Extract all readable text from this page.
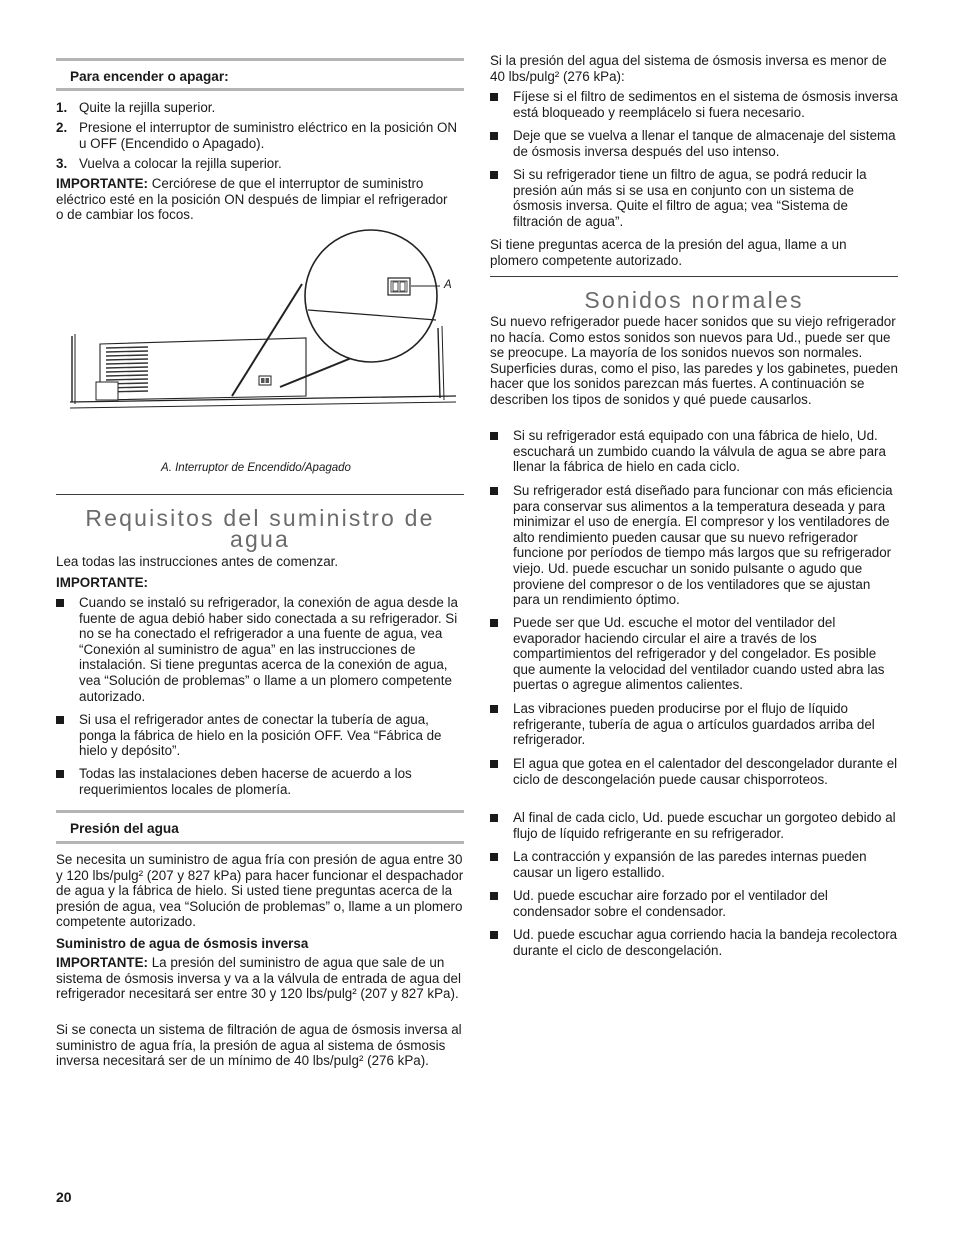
Para encender o apagar:
1. Quite la rejilla superior.

2. Presione el interruptor de suministro eléctrico en la posición ON u OFF (Encendido o Apagado).

3. Vuelva a colocar la rejilla superior.

IMPORTANTE: Cerciórese de que el interruptor de suministro eléctrico esté en la posición ON después de limpiar el refrigerador o de cambiar los focos.

A

A. Interruptor de Encendido/Apagado

Requisitos del suministro de agua

Lea todas las instrucciones antes de comenzar.

IMPORTANTE:

Cuando se instaló su refrigerador, la conexión de agua desde la fuente de agua debió haber sido conectada a su refrigerador. Si no se ha conectado el refrigerador a una fuente de agua, vea “Conexión al suministro de agua” en las instrucciones de instalación. Si tiene preguntas acerca de la conexión de agua, vea “Solución de problemas” o llame a un plomero competente autorizado.

Si usa el refrigerador antes de conectar la tubería de agua, ponga la fábrica de hielo en la posición OFF. Vea “Fábrica de hielo y depósito”.

Todas las instalaciones deben hacerse de acuerdo a los requerimientos locales de plomería.

Presión del agua

Se necesita un suministro de agua fría con presión de agua entre 30 y 120 lbs/pulg² (207 y 827 kPa) para hacer funcionar el despachador de agua y la fábrica de hielo. Si usted tiene preguntas acerca de la presión de agua, vea “Solución de problemas” o, llame a un plomero competente autorizado.

Suministro de agua de ósmosis inversa

IMPORTANTE: La presión del suministro de agua que sale de un sistema de ósmosis inversa y va a la válvula de entrada de agua del refrigerador necesitará ser entre 30 y 120 lbs/pulg² (207 y 827 kPa).

Si se conecta un sistema de filtración de agua de ósmosis inversa al suministro de agua fría, la presión de agua al sistema de ósmosis inversa necesitará ser de un mínimo de 40 lbs/pulg² (276 kPa).

Si la presión del agua del sistema de ósmosis inversa es menor de 40 lbs/pulg² (276 kPa):

Fíjese si el filtro de sedimentos en el sistema de ósmosis inversa está bloqueado y reemplácelo si fuera necesario.

Deje que se vuelva a llenar el tanque de almacenaje del sistema de ósmosis inversa después del uso intenso.

Si su refrigerador tiene un filtro de agua, se podrá reducir la presión aún más si se usa en conjunto con un sistema de ósmosis inversa. Quite el filtro de agua; vea “Sistema de filtración de agua”.

Si tiene preguntas acerca de la presión del agua, llame a un plomero competente autorizado.

Sonidos normales

Su nuevo refrigerador puede hacer sonidos que su viejo refrigerador no hacía. Como estos sonidos son nuevos para Ud., puede ser que se preocupe. La mayoría de los sonidos nuevos son normales. Superficies duras, como el piso, las paredes y los gabinetes, pueden hacer que los sonidos parezcan más fuertes. A continuación se describen los tipos de sonidos y qué puede causarlos.

Si su refrigerador está equipado con una fábrica de hielo, Ud. escuchará un zumbido cuando la válvula de agua se abre para llenar la fábrica de hielo en cada ciclo.

Su refrigerador está diseñado para funcionar con más eficiencia para conservar sus alimentos a la temperatura deseada y para minimizar el uso de energía. El compresor y los ventiladores de alto rendimiento pueden causar que su nuevo refrigerador funcione por períodos de tiempo más largos que su refrigerador viejo. Ud. puede escuchar un sonido pulsante o agudo que proviene del compresor o de los ventiladores que se ajustan para un rendimiento óptimo.

Puede ser que Ud. escuche el motor del ventilador del evaporador haciendo circular el aire a través de los compartimientos del refrigerador y del congelador. Es posible que aumente la velocidad del ventilador cuando usted abra las puertas o agregue alimentos calientes.

Las vibraciones pueden producirse por el flujo de líquido refrigerante, tubería de agua o artículos guardados arriba del refrigerador.

El agua que gotea en el calentador del descongelador durante el ciclo de descongelación puede causar chisporroteos.

Al final de cada ciclo, Ud. puede escuchar un gorgoteo debido al flujo de líquido refrigerante en su refrigerador.

La contracción y expansión de las paredes internas pueden causar un ligero estallido.

Ud. puede escuchar aire forzado por el ventilador del condensador sobre el condensador.

Ud. puede escuchar agua corriendo hacia la bandeja recolectora durante el ciclo de descongelación.

20
